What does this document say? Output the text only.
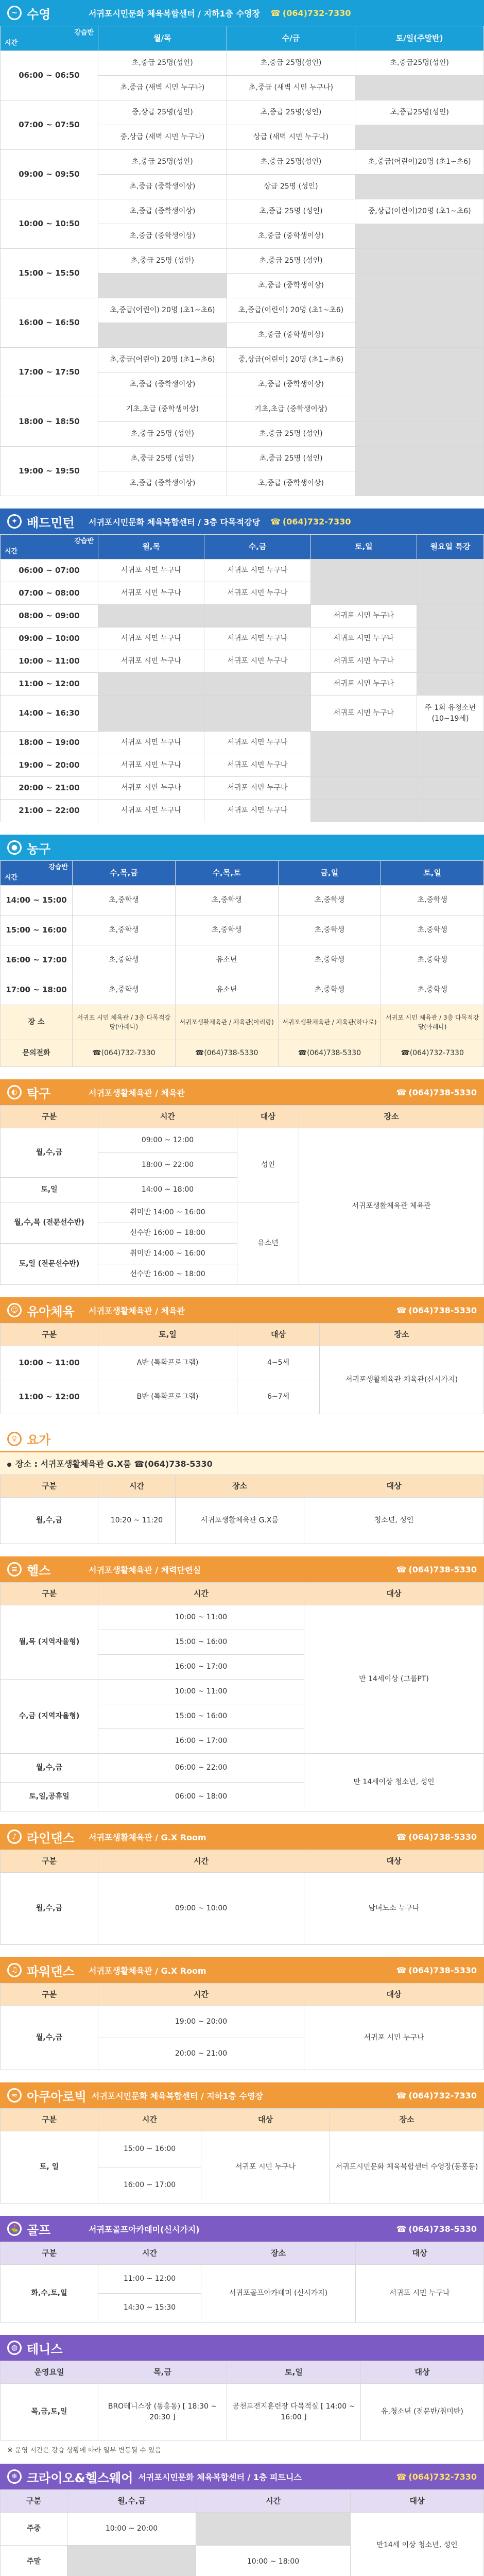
~ 수영	서귀포시민문화 체육복합센터 / 지하1층 수영장 ☎ (064)732-7330
강습반
시간	월/목	수/금	토/일(주말반)
06:00 ~ 06:50	초,중급 25명(성인)	초,중급 25명(성인)	초,중급25명(성인)
	초,중급 (새벽 시민 누구나)	초,중급 (새벽 시민 누구나)	
07:00 ~ 07:50	중,상급 25명(성인)	초,중급 25명(성인)	초,중급25명(성인)
	중,상급 (새벽 시민 누구나)	상급 (새벽 시민 누구나)	
09:00 ~ 09:50	초,중급 25명(성인)	초,중급 25명(성인)	초,중급(어린이)20명 (초1~초6)
	초,중급 (중학생이상)	상급 25명 (성인)	
10:00 ~ 10:50	초,중급 (중학생이상)	초,중급 25명 (성인)	중,상급(어린이)20명 (초1~초6)
	초,중급 (중학생이상)	초,중급 (중학생이상)	
15:00 ~ 15:50	초,중급 25명 (성인)	초,중급 25명 (성인)	
		초,중급 (중학생이상)	
16:00 ~ 16:50	초,중급(어린이) 20명 (초1~초6)	초,중급(어린이) 20명 (초1~초6)	
		초,중급 (중학생이상)	
17:00 ~ 17:50	초,중급(어린이) 20명 (초1~초6)	중,상급(어린이) 20명 (초1~초6)	
	초,중급 (중학생이상)	초,중급 (중학생이상)	
18:00 ~ 18:50	기초,초급 (중학생이상)	기초,초급 (중학생이상)	
	초,중급 25명 (성인)	초,중급 25명 (성인)	
19:00 ~ 19:50	초,중급 25명 (성인)	초,중급 25명 (성인)	
	초,중급 (중학생이상)	초,중급 (중학생이상)	
✦ 배드민턴	서귀포시민문화 체육복합센터 / 3층 다목적강당 ☎ (064)732-7330
강습반
시간	월,목	수,금	토,일	월요일 특강
06:00 ~ 07:00	서귀포 시민 누구나	서귀포 시민 누구나		
07:00 ~ 08:00	서귀포 시민 누구나	서귀포 시민 누구나		
08:00 ~ 09:00			서귀포 시민 누구나	
09:00 ~ 10:00	서귀포 시민 누구나	서귀포 시민 누구나	서귀포 시민 누구나	
10:00 ~ 11:00	서귀포 시민 누구나	서귀포 시민 누구나	서귀포 시민 누구나	
11:00 ~ 12:00			서귀포 시민 누구나	
14:00 ~ 16:30			서귀포 시민 누구나	주 1회 유청소년 (10~19세)
18:00 ~ 19:00	서귀포 시민 누구나	서귀포 시민 누구나		
19:00 ~ 20:00	서귀포 시민 누구나	서귀포 시민 누구나		
20:00 ~ 21:00	서귀포 시민 누구나	서귀포 시민 누구나		
21:00 ~ 22:00	서귀포 시민 누구나	서귀포 시민 누구나		
● 농구
강습반
시간	수,목,금	수,목,토	금,일	토,일
14:00 ~ 15:00	초,중학생	초,중학생	초,중학생	초,중학생
15:00 ~ 16:00	초,중학생	초,중학생	초,중학생	초,중학생
16:00 ~ 17:00	초,중학생	유소년	초,중학생	초,중학생
17:00 ~ 18:00	초,중학생	유소년	초,중학생	초,중학생
장 소	서귀포 시민 체육관 / 3층 다목적강당(아레나)	서귀포생활체육관 / 체육관(아리랑)	서귀포생활체육관 / 체육관(하나로)	서귀포 시민 체육관 / 3층 다목적강당(아레나)
문의전화	☎(064)732-7330	☎(064)738-5330	☎(064)738-5330	☎(064)732-7330
◐ 탁구	서귀포생활체육관 / 체육관	☎ (064)738-5330
구분	시간	대상	장소
월,수,금	09:00 ~ 12:00	성인	서귀포생활체육관 체육관
	18:00 ~ 22:00		
토,일	14:00 ~ 18:00		
월,수,목 (전문선수반)	취미반 14:00 ~ 16:00	유소년	
	선수반 16:00 ~ 18:00		
토,일 (전문선수반)	취미반 14:00 ~ 16:00		
	선수반 16:00 ~ 18:00		
☺ 유아체육	서귀포생활체육관 / 체육관	☎ (064)738-5330
구분	토,일	대상	장소
10:00 ~ 11:00	A반 (특화프로그램)	4~5세	서귀포생활체육관 체육관(신시가지)
11:00 ~ 12:00	B반 (특화프로그램)	6~7세	
♀ 요가
장소 : 서귀포생활체육관 G.X룸 ☎(064)738-5330
구분	시간	장소	대상
월,수,금	10:20 ~ 11:20	서귀포생활체육관 G.X룸	청소년, 성인
≡ 헬스	서귀포생활체육관 / 체력단련실	☎ (064)738-5330
구분	시간	대상
월,목 (지역자율형)	10:00 ~ 11:00	만 14세이상 (그룹PT)
	15:00 ~ 16:00	
	16:00 ~ 17:00	
수,금 (지역자율형)	10:00 ~ 11:00	
	15:00 ~ 16:00	
	16:00 ~ 17:00	
월,수,금	06:00 ~ 22:00	만 14세이상 청소년, 성인
토,일,공휴일	06:00 ~ 18:00	
♪ 라인댄스	서귀포생활체육관 / G.X Room	☎ (064)738-5330
구분	시간	대상
월,수,금	09:00 ~ 10:00	남녀노소 누구나
♫ 파워댄스	서귀포생활체육관 / G.X Room	☎ (064)738-5330
구분	시간	대상
월,수,금	19:00 ~ 20:00	서귀포 시민 누구나
	20:00 ~ 21:00	
≈ 아쿠아로빅 서귀포시민문화 체육복합센터 / 지하1층 수영장	☎ (064)732-7330
구분	시간	대상	장소
토, 일	15:00 ~ 16:00	서귀포 시민 누구나	서귀포시민문화 체육복합센터 수영장(동홍동)
	16:00 ~ 17:00		
⛳ 골프	서귀포골프아카데미(신시가지)	☎ (064)738-5330
구분	시간	장소	대상
화,수,토,일	11:00 ~ 12:00	서귀포골프아카데미 (신시가지)	서귀포 시민 누구나
	14:30 ~ 15:30		
◍ 테니스
운영요일	목,금	토,일	대상
목,금,토,일	BRO테니스장 (동홍동) [ 18:30 ~ 20:30 ]	공천포전지훈련장 다목적실 [ 14:00 ~ 16:00 ]	유,청소년 (전문반/취미반)
※ 운영 시간은 강습 상황에 따라 일부 변동될 수 있음
❄ 크라이오&헬스웨어 서귀포시민문화 체육복합센터 / 1층 피트니스	☎ (064)732-7330
구분	월,수,금	시간	대상
주중	10:00 ~ 20:00		만14세 이상 청소년, 성인
주말		10:00 ~ 18:00	
